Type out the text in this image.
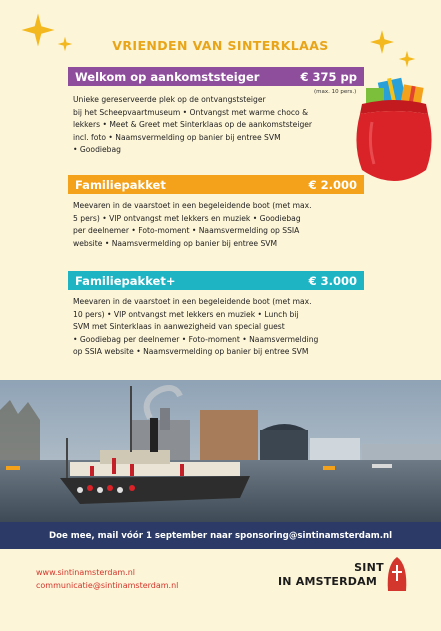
VRIENDEN VAN SINTERKLAAS
Welkom op aankomststeiger	€ 375 pp
(max. 10 pers.)
Unieke gereserveerde plek op de ontvangststeiger
bij het Scheepvaartmuseum • Ontvangst met warme choco &
lekkers • Meet & Greet met Sinterklaas op de aankomststeiger
incl. foto • Naamsvermelding op banier bij entree SVM
• Goodiebag
Familiepakket	€ 2.000
Meevaren in de vaarstoet in een begeleidende boot (met max.
5 pers) • VIP ontvangst met lekkers en muziek • Goodiebag
per deelnemer • Foto-moment • Naamsvermelding op SSIA
website • Naamsvermelding op banier bij entree SVM
Familiepakket+	€ 3.000
Meevaren in de vaarstoet in een begeleidende boot (met max.
10 pers) • VIP ontvangst met lekkers en muziek • Lunch bij
SVM met Sinterklaas in aanwezigheid van special guest
• Goodiebag per deelnemer • Foto-moment • Naamsvermelding
op SSIA website • Naamsvermelding op banier bij entree SVM
Doe mee, mail vóór 1 september naar sponsoring@sintinamsterdam.nl
www.sintinamsterdam.nl
communicatie@sintinamsterdam.nl
SINT
IN AMSTERDAM
